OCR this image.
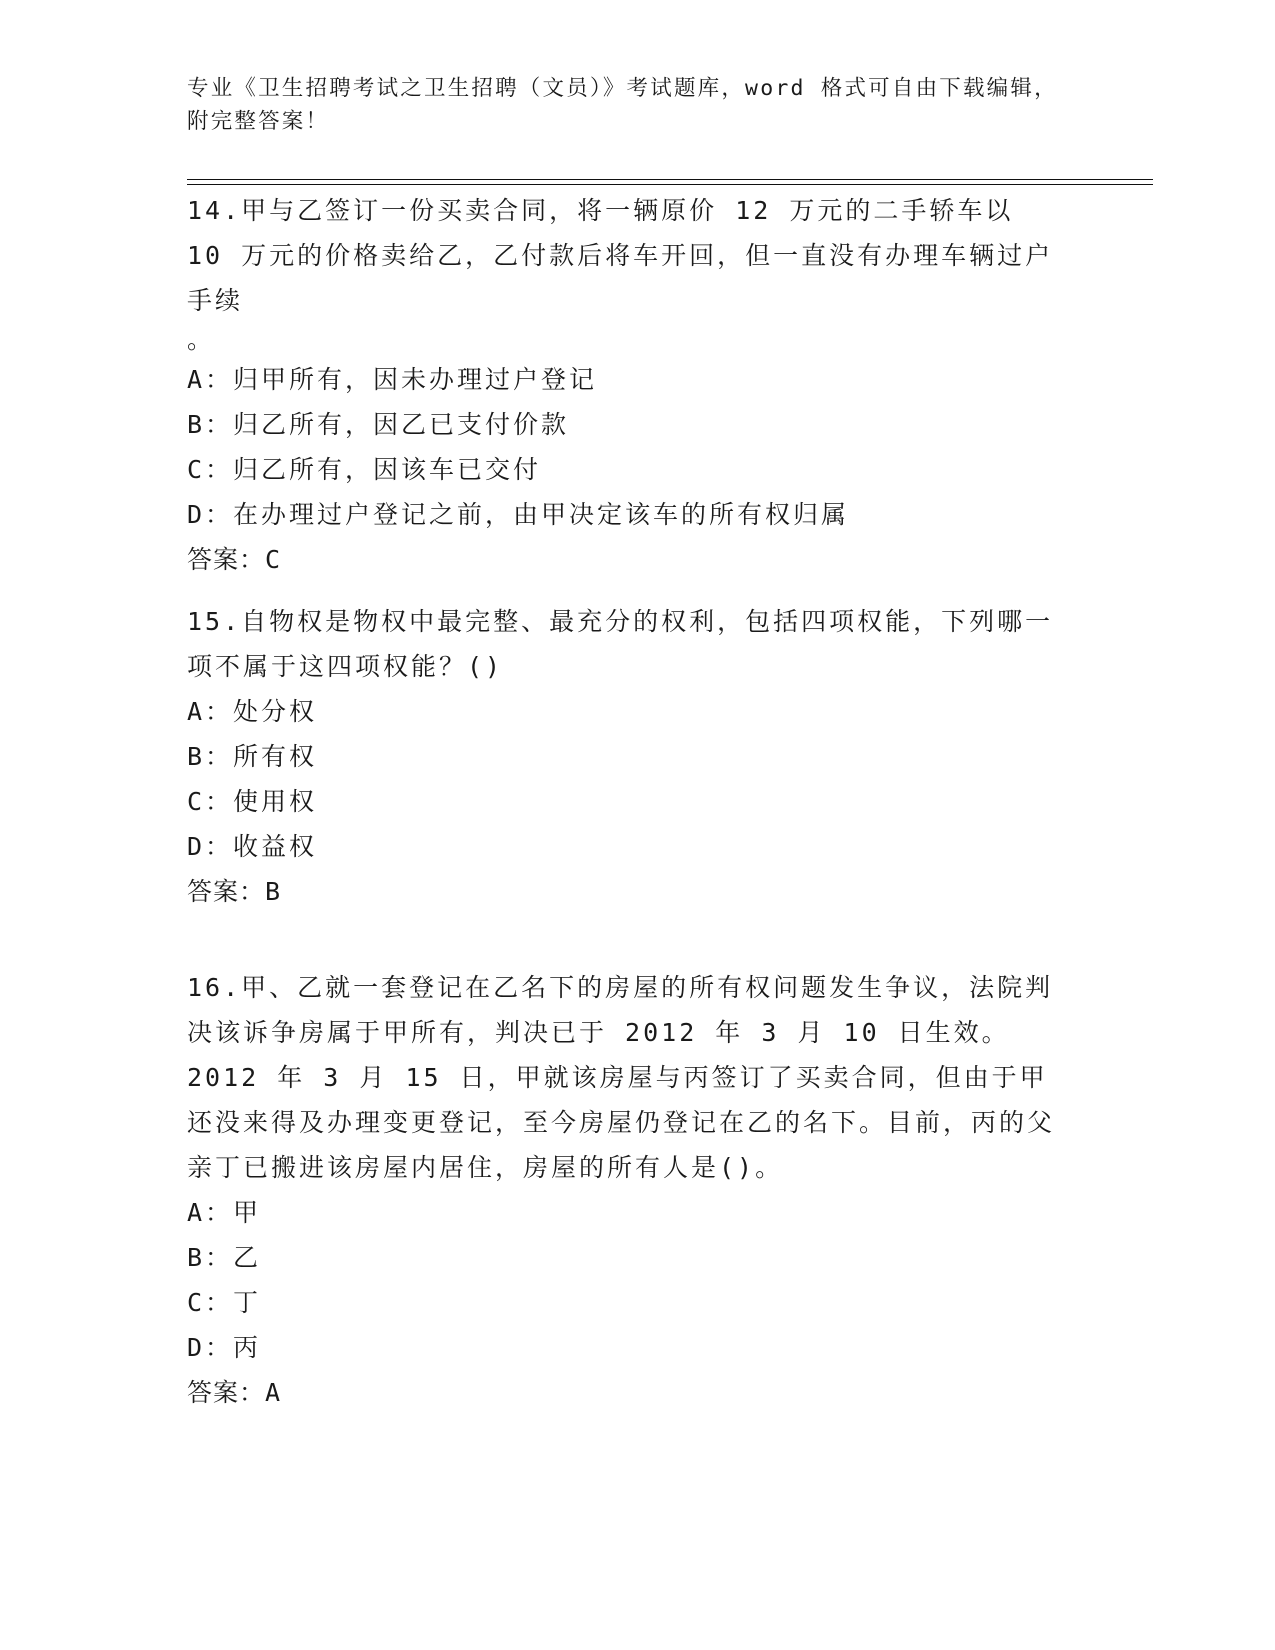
专业《卫生招聘考试之卫生招聘（文员）》考试题库，word 格式可自由下载编辑，附完整答案！

14.甲与乙签订一份买卖合同，将一辆原价 12 万元的二手轿车以 10 万元的价格卖给乙，乙付款后将车开回，但一直没有办理车辆过户手续

。
A：归甲所有，因未办理过户登记
B：归乙所有，因乙已支付价款
C：归乙所有，因该车已交付
D：在办理过户登记之前，由甲决定该车的所有权归属
答案：C

15.自物权是物权中最完整、最充分的权利，包括四项权能，下列哪一项不属于这四项权能？()

A：处分权
B：所有权
C：使用权
D：收益权
答案：B

16.甲、乙就一套登记在乙名下的房屋的所有权问题发生争议，法院判决该诉争房属于甲所有，判决已于 2012 年 3 月 10 日生效。2012 年 3 月 15 日，甲就该房屋与丙签订了买卖合同，但由于甲还没来得及办理变更登记，至今房屋仍登记在乙的名下。目前，丙的父亲丁已搬进该房屋内居住，房屋的所有人是()。

A：甲
B：乙
C：丁
D：丙
答案：A
